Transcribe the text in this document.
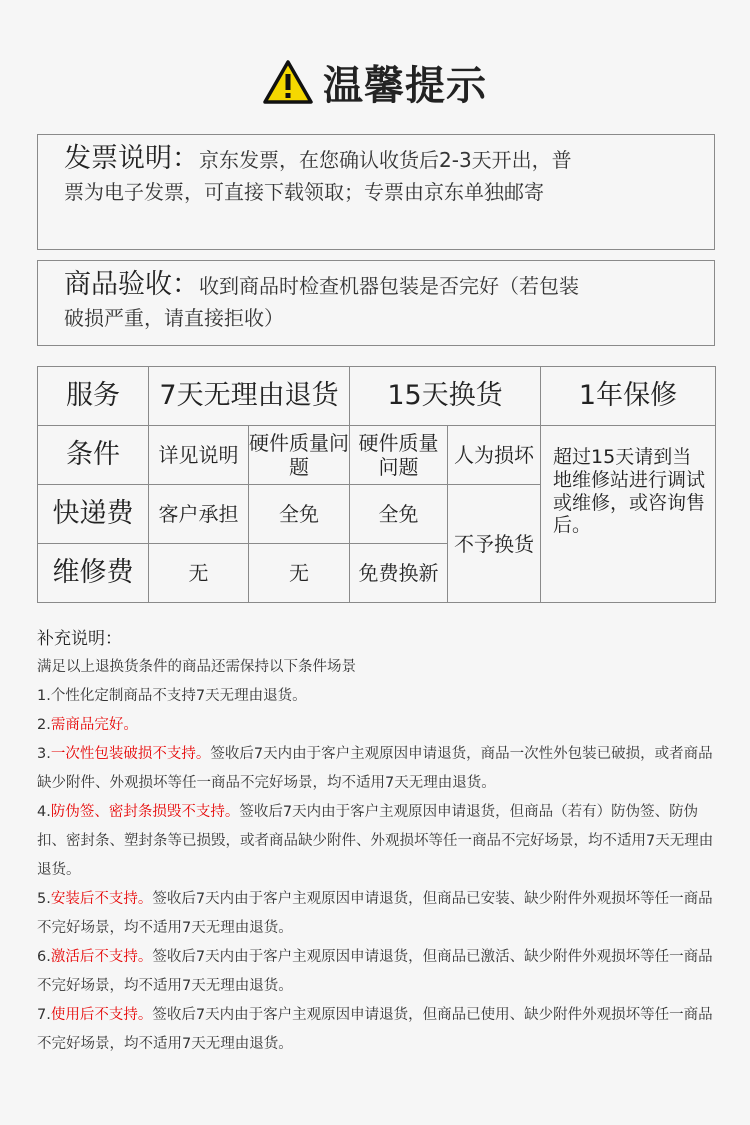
温馨提示
发票说明：京东发票，在您确认收货后2-3天开出，普
票为电子发票，可直接下载领取；专票由京东单独邮寄
商品验收：收到商品时检查机器包装是否完好（若包装
破损严重，请直接拒收）
服务	7天无理由退货		15天换货		1年保修
条件	详见说明	硬件质量问题	硬件质量问题	人为损坏	超过15天请到当地维修站进行调试或维修，或咨询售后。
快递费	客户承担	全免	全免	不予换货	
维修费	无	无	免费换新		
补充说明：
满足以上退换货条件的商品还需保持以下条件场景
1.个性化定制商品不支持7天无理由退货。
2.需商品完好。
3.一次性包装破损不支持。签收后7天内由于客户主观原因申请退货，商品一次性外包装已破损，或者商品缺少附件、外观损坏等任一商品不完好场景，均不适用7天无理由退货。
4.防伪签、密封条损毁不支持。签收后7天内由于客户主观原因申请退货，但商品（若有）防伪签、防伪扣、密封条、塑封条等已损毁，或者商品缺少附件、外观损坏等任一商品不完好场景，均不适用7天无理由退货。
5.安装后不支持。签收后7天内由于客户主观原因申请退货，但商品已安装、缺少附件外观损坏等任一商品不完好场景，均不适用7天无理由退货。
6.激活后不支持。签收后7天内由于客户主观原因申请退货，但商品已激活、缺少附件外观损坏等任一商品不完好场景，均不适用7天无理由退货。
7.使用后不支持。签收后7天内由于客户主观原因申请退货，但商品已使用、缺少附件外观损坏等任一商品不完好场景，均不适用7天无理由退货。
